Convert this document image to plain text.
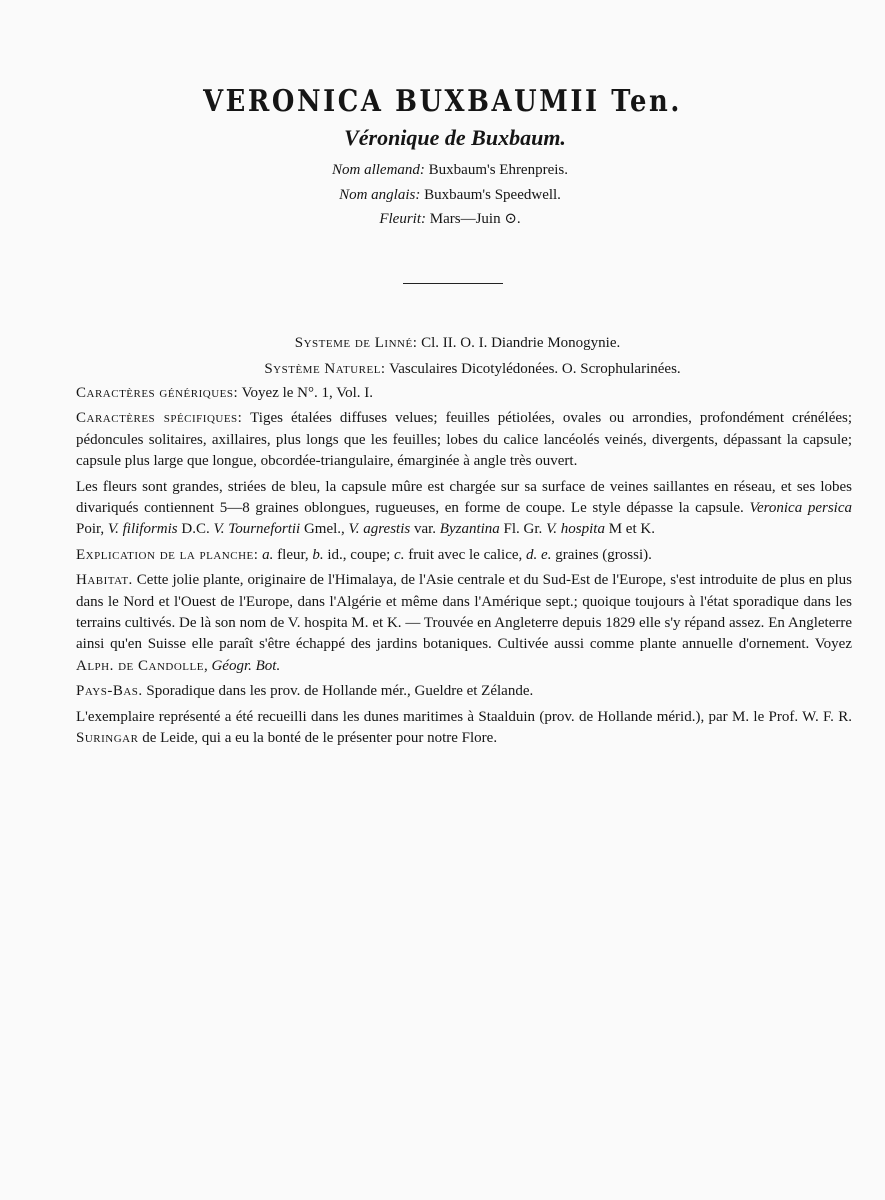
VERONICA BUXBAUMII Ten.
Véronique de Buxbaum.
Nom allemand: Buxbaum's Ehrenpreis.
Nom anglais: Buxbaum's Speedwell.
Fleurit: Mars—Juin ⊙.
Systeme de Linné: Cl. II. O. I. Diandrie Monogynie.
Système Naturel: Vasculaires Dicotylédonées. O. Scrophularinées.

Caractères génériques: Voyez le N°. 1, Vol. I.

Caractères spécifiques: Tiges étalées diffuses velues; feuilles pétiolées, ovales ou arrondies, profondément crénélées; pédoncules solitaires, axillaires, plus longs que les feuilles; lobes du calice lancéolés veinés, divergents, dépassant la capsule; capsule plus large que longue, obcordée-triangulaire, émarginée à angle très ouvert.

Les fleurs sont grandes, striées de bleu, la capsule mûre est chargée sur sa surface de veines saillantes en réseau, et ses lobes divariqués contiennent 5—8 graines oblongues, rugueuses, en forme de coupe. Le style dépasse la capsule. Veronica persica Poir, V. filiformis D.C. V. Tournefortii Gmel., V. agrestis var. Byzantina Fl. Gr. V. hospita M et K.

Explication de la planche: a. fleur, b. id., coupe; c. fruit avec le calice, d. e. graines (grossi).

Habitat. Cette jolie plante, originaire de l'Himalaya, de l'Asie centrale et du Sud-Est de l'Europe, s'est introduite de plus en plus dans le Nord et l'Ouest de l'Europe, dans l'Algérie et même dans l'Amérique sept.; quoique toujours à l'état sporadique dans les terrains cultivés. De là son nom de V. hospita M. et K. — Trouvée en Angleterre depuis 1829 elle s'y répand assez. En Angleterre ainsi qu'en Suisse elle paraît s'être échappé des jardins botaniques. Cultivée aussi comme plante annuelle d'ornement. Voyez Alph. de Candolle, Géogr. Bot.

Pays-Bas. Sporadique dans les prov. de Hollande mér., Gueldre et Zélande.

L'exemplaire représenté a été recueilli dans les dunes maritimes à Staalduin (prov. de Hollande mérid.), par M. le Prof. W. F. R. Suringar de Leide, qui a eu la bonté de le présenter pour notre Flore.
